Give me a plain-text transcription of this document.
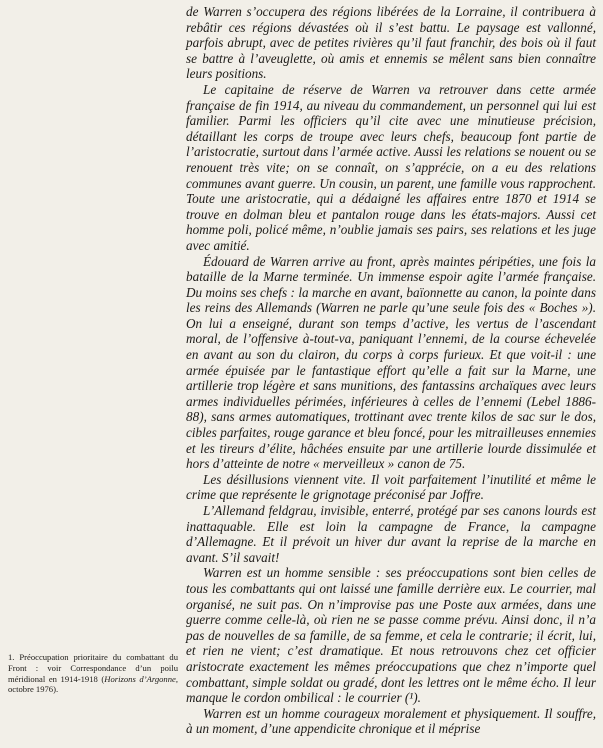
de Warren s’occupera des régions libérées de la Lorraine, il contribuera à rebâtir ces régions dévastées où il s’est battu. Le paysage est vallonné, parfois abrupt, avec de petites rivières qu’il faut franchir, des bois où il faut se battre à l’aveuglette, où amis et ennemis se mêlent sans bien connaître leurs positions.

Le capitaine de réserve de Warren va retrouver dans cette armée française de fin 1914, au niveau du commandement, un personnel qui lui est familier. Parmi les officiers qu’il cite avec une minutieuse précision, détaillant les corps de troupe avec leurs chefs, beaucoup font partie de l’aristocratie, surtout dans l’armée active. Aussi les relations se nouent ou se renouent très vite; on se connaît, on s’apprécie, on a eu des relations communes avant guerre. Un cousin, un parent, une famille vous rapprochent. Toute une aristocratie, qui a dédaigné les affaires entre 1870 et 1914 se trouve en dolman bleu et pantalon rouge dans les états-majors. Aussi cet homme poli, policé même, n’oublie jamais ses pairs, ses relations et les juge avec amitié.

Édouard de Warren arrive au front, après maintes péripéties, une fois la bataille de la Marne terminée. Un immense espoir agite l’armée française. Du moins ses chefs : la marche en avant, baïonnette au canon, la pointe dans les reins des Allemands (Warren ne parle qu’une seule fois des « Boches »). On lui a enseigné, durant son temps d’active, les vertus de l’ascendant moral, de l’offensive à-tout-va, paniquant l’ennemi, de la course échevelée en avant au son du clairon, du corps à corps furieux. Et que voit-il : une armée épuisée par le fantastique effort qu’elle a fait sur la Marne, une artillerie trop légère et sans munitions, des fantassins archaïques avec leurs armes individuelles périmées, inférieures à celles de l’ennemi (Lebel 1886-88), sans armes automatiques, trottinant avec trente kilos de sac sur le dos, cibles parfaites, rouge garance et bleu foncé, pour les mitrailleuses ennemies et les tireurs d’élite, hâchées ensuite par une artillerie lourde dissimulée et hors d’atteinte de notre « merveilleux » canon de 75.

Les désillusions viennent vite. Il voit parfaitement l’inutilité et même le crime que représente le grignotage préconisé par Joffre.

L’Allemand feldgrau, invisible, enterré, protégé par ses canons lourds est inattaquable. Elle est loin la campagne de France, la campagne d’Allemagne. Et il prévoit un hiver dur avant la reprise de la marche en avant. S’il savait!

Warren est un homme sensible : ses préoccupations sont bien celles de tous les combattants qui ont laissé une famille derrière eux. Le courrier, mal organisé, ne suit pas. On n’improvise pas une Poste aux armées, dans une guerre comme celle-là, où rien ne se passe comme prévu. Ainsi donc, il n’a pas de nouvelles de sa famille, de sa femme, et cela le contrarie; il écrit, lui, et rien ne vient; c’est dramatique. Et nous retrouvons chez cet officier aristocrate exactement les mêmes préoccupations que chez n’importe quel combattant, simple soldat ou gradé, dont les lettres ont le même écho. Il leur manque le cordon ombilical : le courrier (¹).

Warren est un homme courageux moralement et physiquement. Il souffre, à un moment, d’une appendicite chronique et il méprise

1. Préoccupation prioritaire du combattant du Front : voir Correspondance d’un poilu méridional en 1914-1918 (Horizons d’Argonne, octobre 1976).
